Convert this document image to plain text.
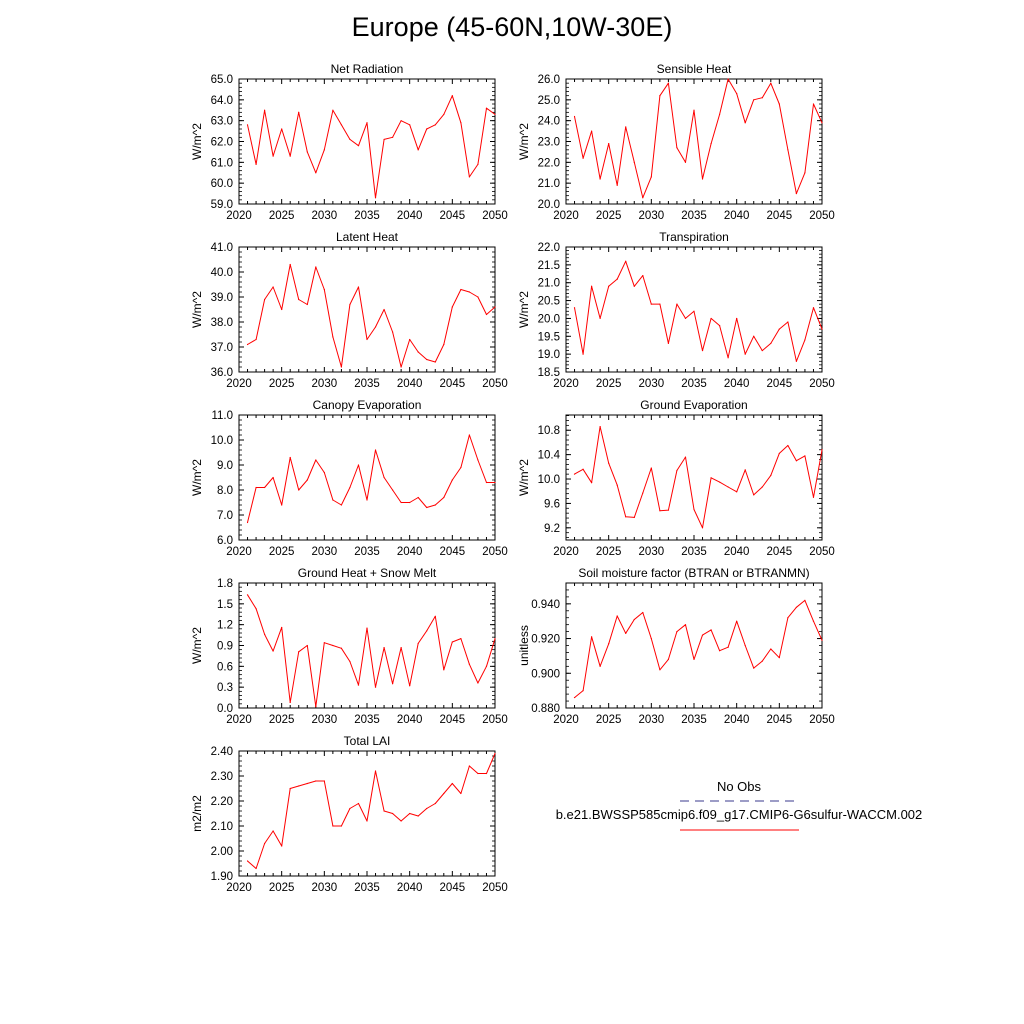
Europe (45-60N,10W-30E)
2020 2025 2030 2035 2040 2045 2050
59.0
60.0
61.0
62.0
63.0
64.0
65.0
Net Radiation
W/m^2
2020 2025 2030 2035 2040 2045 2050
20.0
21.0
22.0
23.0
24.0
25.0
26.0
Sensible Heat
W/m^2
2020 2025 2030 2035 2040 2045 2050
36.0
37.0
38.0
39.0
40.0
41.0
Latent Heat
W/m^2
2020 2025 2030 2035 2040 2045 2050
18.5
19.0
19.5
20.0
20.5
21.0
21.5
22.0
Transpiration
W/m^2
2020 2025 2030 2035 2040 2045 2050
6.0
7.0
8.0
9.0
10.0
11.0
Canopy Evaporation
W/m^2
2020 2025 2030 2035 2040 2045 2050
9.2
9.6
10.0
10.4
10.8
Ground Evaporation
W/m^2
2020 2025 2030 2035 2040 2045 2050
0.0
0.3
0.6
0.9
1.2
1.5
1.8
Ground Heat + Snow Melt
W/m^2
2020 2025 2030 2035 2040 2045 2050
0.880
0.900
0.920
0.940
Soil moisture factor (BTRAN or BTRANMN)
unitless
2020 2025 2030 2035 2040 2045 2050
1.90
2.00
2.10
2.20
2.30
2.40
Total LAI
m2/m2
No Obs
b.e21.BWSSP585cmip6.f09_g17.CMIP6-G6sulfur-WACCM.002
